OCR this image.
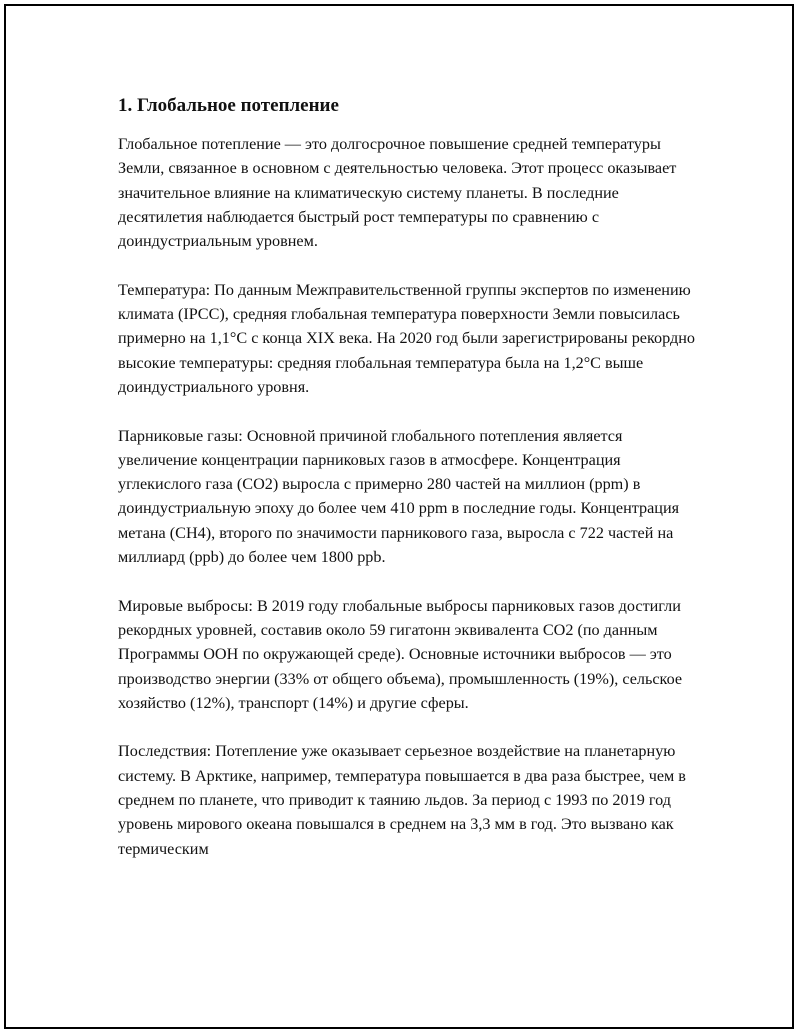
1. Глобальное потепление

Глобальное потепление — это долгосрочное повышение средней температуры Земли, связанное в основном с деятельностью человека. Этот процесс оказывает значительное влияние на климатическую систему планеты. В последние десятилетия наблюдается быстрый рост температуры по сравнению с доиндустриальным уровнем.

Температура: По данным Межправительственной группы экспертов по изменению климата (IPCC), средняя глобальная температура поверхности Земли повысилась примерно на 1,1°C с конца XIX века. На 2020 год были зарегистрированы рекордно высокие температуры: средняя глобальная температура была на 1,2°C выше доиндустриального уровня.

Парниковые газы: Основной причиной глобального потепления является увеличение концентрации парниковых газов в атмосфере. Концентрация углекислого газа (CO2) выросла с примерно 280 частей на миллион (ppm) в доиндустриальную эпоху до более чем 410 ppm в последние годы. Концентрация метана (CH4), второго по значимости парникового газа, выросла с 722 частей на миллиард (ppb) до более чем 1800 ppb.

Мировые выбросы: В 2019 году глобальные выбросы парниковых газов достигли рекордных уровней, составив около 59 гигатонн эквивалента CO2 (по данным Программы ООН по окружающей среде). Основные источники выбросов — это производство энергии (33% от общего объема), промышленность (19%), сельское хозяйство (12%), транспорт (14%) и другие сферы.

Последствия: Потепление уже оказывает серьезное воздействие на планетарную систему. В Арктике, например, температура повышается в два раза быстрее, чем в среднем по планете, что приводит к таянию льдов. За период с 1993 по 2019 год уровень мирового океана повышался в среднем на 3,3 мм в год. Это вызвано как термическим
